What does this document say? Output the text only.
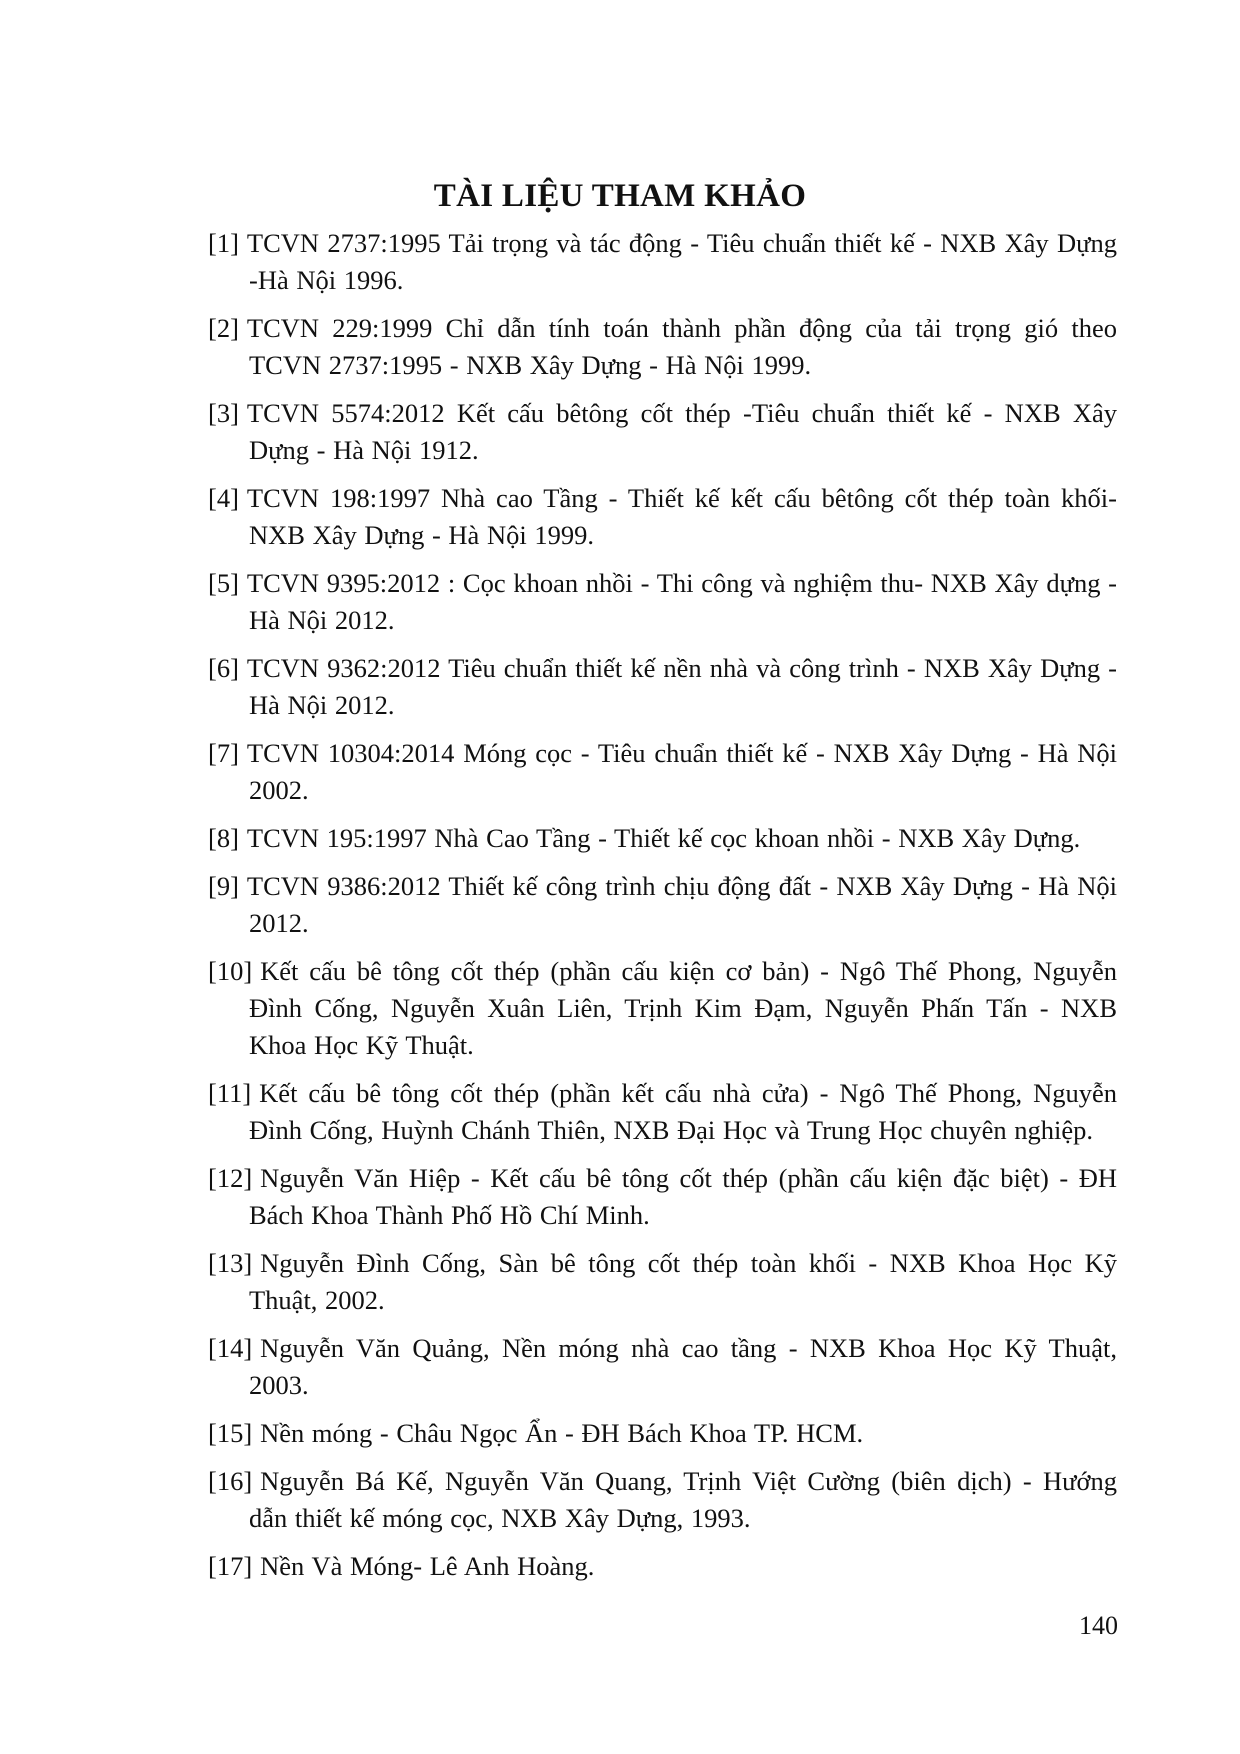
TÀI LIỆU THAM KHẢO
[1] TCVN 2737:1995 Tải trọng và tác động - Tiêu chuẩn thiết kế - NXB Xây Dựng -Hà Nội 1996.
[2] TCVN 229:1999 Chỉ dẫn tính toán thành phần động của tải trọng gió theo TCVN 2737:1995 - NXB Xây Dựng - Hà Nội 1999.
[3] TCVN 5574:2012 Kết cấu bêtông cốt thép -Tiêu chuẩn thiết kế - NXB Xây Dựng - Hà Nội 1912.
[4] TCVN 198:1997 Nhà cao Tầng - Thiết kế kết cấu bêtông cốt thép toàn khối- NXB Xây Dựng - Hà Nội 1999.
[5] TCVN 9395:2012 : Cọc khoan nhồi - Thi công và nghiệm thu- NXB Xây dựng - Hà Nội 2012.
[6] TCVN 9362:2012 Tiêu chuẩn thiết kế nền nhà và công trình - NXB Xây Dựng - Hà Nội 2012.
[7] TCVN 10304:2014 Móng cọc - Tiêu chuẩn thiết kế - NXB Xây Dựng - Hà Nội 2002.
[8] TCVN 195:1997 Nhà Cao Tầng - Thiết kế cọc khoan nhồi - NXB Xây Dựng.
[9] TCVN 9386:2012 Thiết kế công trình chịu động đất - NXB Xây Dựng - Hà Nội 2012.
[10] Kết cấu bê tông cốt thép (phần cấu kiện cơ bản) - Ngô Thế Phong, Nguyễn Đình Cống, Nguyễn Xuân Liên, Trịnh Kim Đạm, Nguyễn Phấn Tấn - NXB Khoa Học Kỹ Thuật.
[11] Kết cấu bê tông cốt thép (phần kết cấu nhà cửa) - Ngô Thế Phong, Nguyễn Đình Cống, Huỳnh Chánh Thiên, NXB Đại Học và Trung Học chuyên nghiệp.
[12] Nguyễn Văn Hiệp - Kết cấu bê tông cốt thép (phần cấu kiện đặc biệt) - ĐH Bách Khoa Thành Phố Hồ Chí Minh.
[13] Nguyễn Đình Cống, Sàn bê tông cốt thép toàn khối - NXB Khoa Học Kỹ Thuật, 2002.
[14] Nguyễn Văn Quảng, Nền móng nhà cao tầng - NXB Khoa Học Kỹ Thuật, 2003.
[15] Nền móng - Châu Ngọc Ẩn - ĐH Bách Khoa TP. HCM.
[16] Nguyễn Bá Kế, Nguyễn Văn Quang, Trịnh Việt Cường (biên dịch) - Hướng dẫn thiết kế móng cọc, NXB Xây Dựng, 1993.
[17] Nền Và Móng- Lê Anh Hoàng.

140
